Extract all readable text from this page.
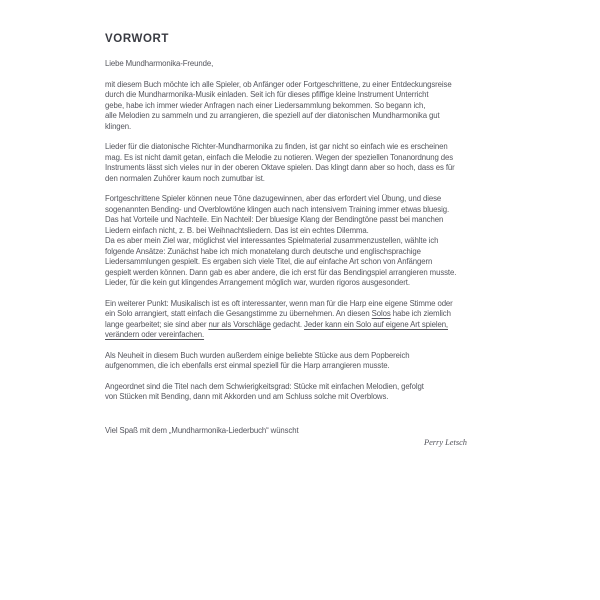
VORWORT
Liebe Mundharmonika-Freunde,
mit diesem Buch möchte ich alle Spieler, ob Anfänger oder Fortgeschrittene, zu einer Entdeckungsreise
durch die Mundharmonika-Musik einladen. Seit ich für dieses pfiffige kleine Instrument Unterricht
gebe, habe ich immer wieder Anfragen nach einer Liedersammlung bekommen. So begann ich,
alle Melodien zu sammeln und zu arrangieren, die speziell auf der diatonischen Mundharmonika gut
klingen.
Lieder für die diatonische Richter-Mundharmonika zu finden, ist gar nicht so einfach wie es erscheinen
mag. Es ist nicht damit getan, einfach die Melodie zu notieren. Wegen der speziellen Tonanordnung des
Instruments lässt sich vieles nur in der oberen Oktave spielen. Das klingt dann aber so hoch, dass es für
den normalen Zuhörer kaum noch zumutbar ist.
Fortgeschrittene Spieler können neue Töne dazugewinnen, aber das erfordert viel Übung, und diese
sogenannten Bending- und Overblowtöne klingen auch nach intensivem Training immer etwas bluesig.
Das hat Vorteile und Nachteile. Ein Nachteil: Der bluesige Klang der Bendingtöne passt bei manchen
Liedern einfach nicht, z. B. bei Weihnachtsliedern. Das ist ein echtes Dilemma.
Da es aber mein Ziel war, möglichst viel interessantes Spielmaterial zusammenzustellen, wählte ich
folgende Ansätze: Zunächst habe ich mich monatelang durch deutsche und englischsprachige
Liedersammlungen gespielt. Es ergaben sich viele Titel, die auf einfache Art schon von Anfängern
gespielt werden können. Dann gab es aber andere, die ich erst für das Bendingspiel arrangieren musste.
Lieder, für die kein gut klingendes Arrangement möglich war, wurden rigoros ausgesondert.
Ein weiterer Punkt: Musikalisch ist es oft interessanter, wenn man für die Harp eine eigene Stimme oder
ein Solo arrangiert, statt einfach die Gesangstimme zu übernehmen. An diesen Solos habe ich ziemlich
lange gearbeitet; sie sind aber nur als Vorschläge gedacht. Jeder kann ein Solo auf eigene Art spielen,
verändern oder vereinfachen.
Als Neuheit in diesem Buch wurden außerdem einige beliebte Stücke aus dem Popbereich
aufgenommen, die ich ebenfalls erst einmal speziell für die Harp arrangieren musste.
Angeordnet sind die Titel nach dem Schwierigkeitsgrad: Stücke mit einfachen Melodien, gefolgt
von Stücken mit Bending, dann mit Akkorden und am Schluss solche mit Overblows.
Viel Spaß mit dem „Mundharmonika-Liederbuch“ wünscht
Perry Letsch
